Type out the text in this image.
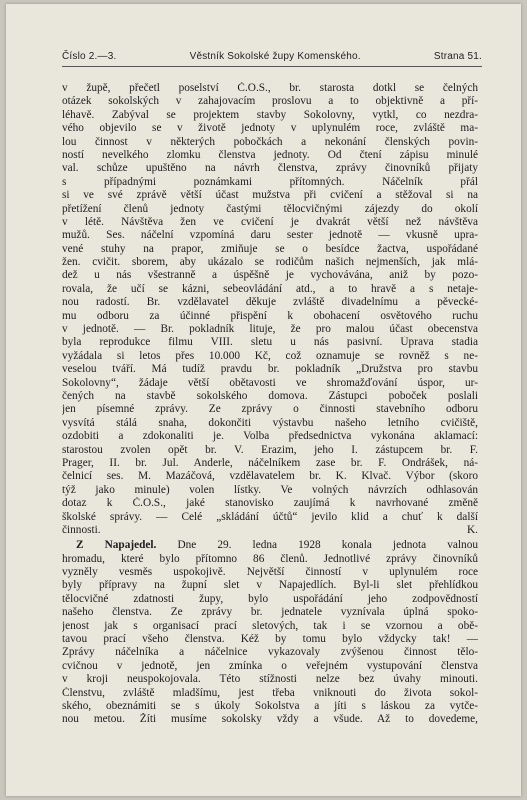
Číslo 2.—3.	Věstník Sokolské župy Komenského.	Strana 51.
v župě, přečetl poselství Č.O.S., br. starosta dotkl se čelných
otázek sokolských v zahajovacím proslovu a to objektivně a pří-
léhavě. Zabýval se projektem stavby Sokolovny, vytkl, co nezdra-
vého objevilo se v životě jednoty v uplynulém roce, zvláště ma-
lou činnost v některých pobočkách a nekonání členských povin-
ností nevelkého zlomku členstva jednoty. Od čtení zápisu minulé
val. schůze upuštěno na návrh členstva, zprávy činovníků přijaty
s případnými poznámkami přítomných. Náčelník přál
si ve své zprávě větší účast mužstva při cvičení a stěžoval si na
přetížení členů jednoty častými tělocvičnými zájezdy do okolí
v létě. Návštěva žen ve cvičení je dvakrát větší než návštěva
mužů. Ses. náčelní vzpomíná daru sester jednotě — vkusně upra-
vené stuhy na prapor, zmiňuje se o besídce žactva, uspořádané
žen. cvičit. sborem, aby ukázalo se rodičům našich nejmenších, jak mlá-
dež u nás všestranně a úspěšně je vychovávána, aniž by pozo-
rovala, že učí se kázni, sebeovládání atd., a to hravě a s netaje-
nou radostí. Br. vzdělavatel děkuje zvláště divadelnímu a pěvecké-
mu odboru za účinné přispění k obohacení osvětového ruchu
v jednotě. — Br. pokladník lituje, že pro malou účast obecenstva
byla reprodukce filmu VIII. sletu u nás pasivní. Úprava stadia
vyžádala si letos přes 10.000 Kč, což oznamuje se rovněž s ne-
veselou tváří. Má tudíž pravdu br. pokladník „Družstva pro stavbu
Sokolovny“, žádaje větší obětavosti ve shromažďování úspor, ur-
čených na stavbě sokolského domova. Zástupci poboček poslali
jen písemné zprávy. Ze zprávy o činnosti stavebního odboru
vysvítá stálá snaha, dokončiti výstavbu našeho letního cvičiště,
ozdobiti a zdokonaliti je. Volba předsednictva vykonána aklamací:
starostou zvolen opět br. V. Erazim, jeho I. zástupcem br. F.
Prager, II. br. Jul. Anderle, náčelníkem zase br. F. Ondrášek, ná-
čelnicí ses. M. Mazáčová, vzdělavatelem br. K. Klvač. Výbor (skoro
týž jako minule) volen lístky. Ve volných návrzích odhlasován
dotaz k Č.O.S., jaké stanovisko zaujímá k navrhované změně
školské správy. — Celé „skládání účtů“ jevilo klid a chuť k další
činnosti.	K.
Z Napajedel. Dne 29. ledna 1928 konala jednota valnou
hromadu, které bylo přítomno 86 členů. Jednotlivé zprávy činovníků
vyzněly vesměs uspokojivě. Největší činností v uplynulém roce
byly přípravy na župní slet v Napajedlích. Byl-li slet přehlídkou
tělocvičné zdatnosti župy, bylo uspořádání jeho zodpovědností
našeho členstva. Ze zprávy br. jednatele vyznívala úplná spoko-
jenost jak s organisací prací sletových, tak i se vzornou a obě-
tavou prací všeho členstva. Kéž by tomu bylo vždycky tak! —
Zprávy náčelníka a náčelnice vykazovaly zvýšenou činnost tělo-
cvičnou v jednotě, jen zmínka o veřejném vystupování členstva
v kroji neuspokojovala. Této stížnosti nelze bez úvahy minouti.
Členstvu, zvláště mladšímu, jest třeba vniknouti do života sokol-
ského, obeznámiti se s úkoly Sokolstva a jíti s láskou za vytče-
nou metou. Žíti musíme sokolsky vždy a všude. Až to dovedeme,
